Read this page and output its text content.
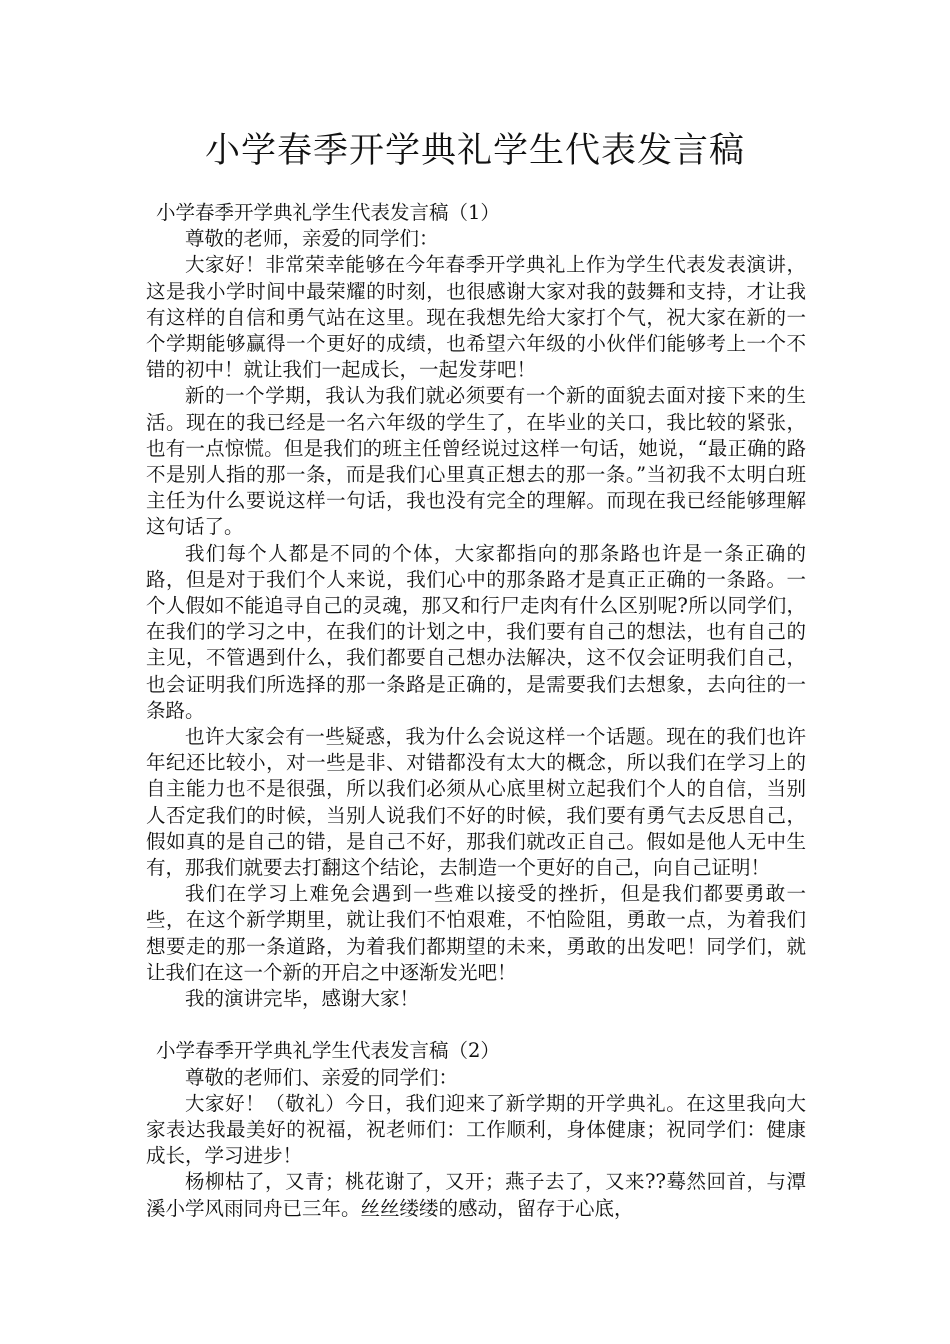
小学春季开学典礼学生代表发言稿
小学春季开学典礼学生代表发言稿（1）

尊敬的老师，亲爱的同学们：

大家好！非常荣幸能够在今年春季开学典礼上作为学生代表发表演讲，这是我小学时间中最荣耀的时刻，也很感谢大家对我的鼓舞和支持，才让我有这样的自信和勇气站在这里。现在我想先给大家打个气，祝大家在新的一个学期能够赢得一个更好的成绩，也希望六年级的小伙伴们能够考上一个不错的初中！就让我们一起成长，一起发芽吧！

新的一个学期，我认为我们就必须要有一个新的面貌去面对接下来的生活。现在的我已经是一名六年级的学生了，在毕业的关口，我比较的紧张，也有一点惊慌。但是我们的班主任曾经说过这样一句话，她说，“最正确的路不是别人指的那一条，而是我们心里真正想去的那一条。”当初我不太明白班主任为什么要说这样一句话，我也没有完全的理解。而现在我已经能够理解这句话了。

我们每个人都是不同的个体，大家都指向的那条路也许是一条正确的路，但是对于我们个人来说，我们心中的那条路才是真正正确的一条路。一个人假如不能追寻自己的灵魂，那又和行尸走肉有什么区别呢?所以同学们，在我们的学习之中，在我们的计划之中，我们要有自己的想法，也有自己的主见，不管遇到什么，我们都要自己想办法解决，这不仅会证明我们自己，也会证明我们所选择的那一条路是正确的，是需要我们去想象，去向往的一条路。

也许大家会有一些疑惑，我为什么会说这样一个话题。现在的我们也许年纪还比较小，对一些是非、对错都没有太大的概念，所以我们在学习上的自主能力也不是很强，所以我们必须从心底里树立起我们个人的自信，当别人否定我们的时候，当别人说我们不好的时候，我们要有勇气去反思自己，假如真的是自己的错，是自己不好，那我们就改正自己。假如是他人无中生有，那我们就要去打翻这个结论，去制造一个更好的自己，向自己证明！

我们在学习上难免会遇到一些难以接受的挫折，但是我们都要勇敢一些，在这个新学期里，就让我们不怕艰难，不怕险阻，勇敢一点，为着我们想要走的那一条道路，为着我们都期望的未来，勇敢的出发吧！同学们，就让我们在这一个新的开启之中逐渐发光吧！

我的演讲完毕，感谢大家！

小学春季开学典礼学生代表发言稿（2）

尊敬的老师们、亲爱的同学们：

大家好！（敬礼）今日，我们迎来了新学期的开学典礼。在这里我向大家表达我最美好的祝福，祝老师们：工作顺利，身体健康；祝同学们：健康成长，学习进步！

杨柳枯了，又青；桃花谢了，又开；燕子去了，又来??蓦然回首，与潭溪小学风雨同舟已三年。丝丝缕缕的感动，留存于心底，
